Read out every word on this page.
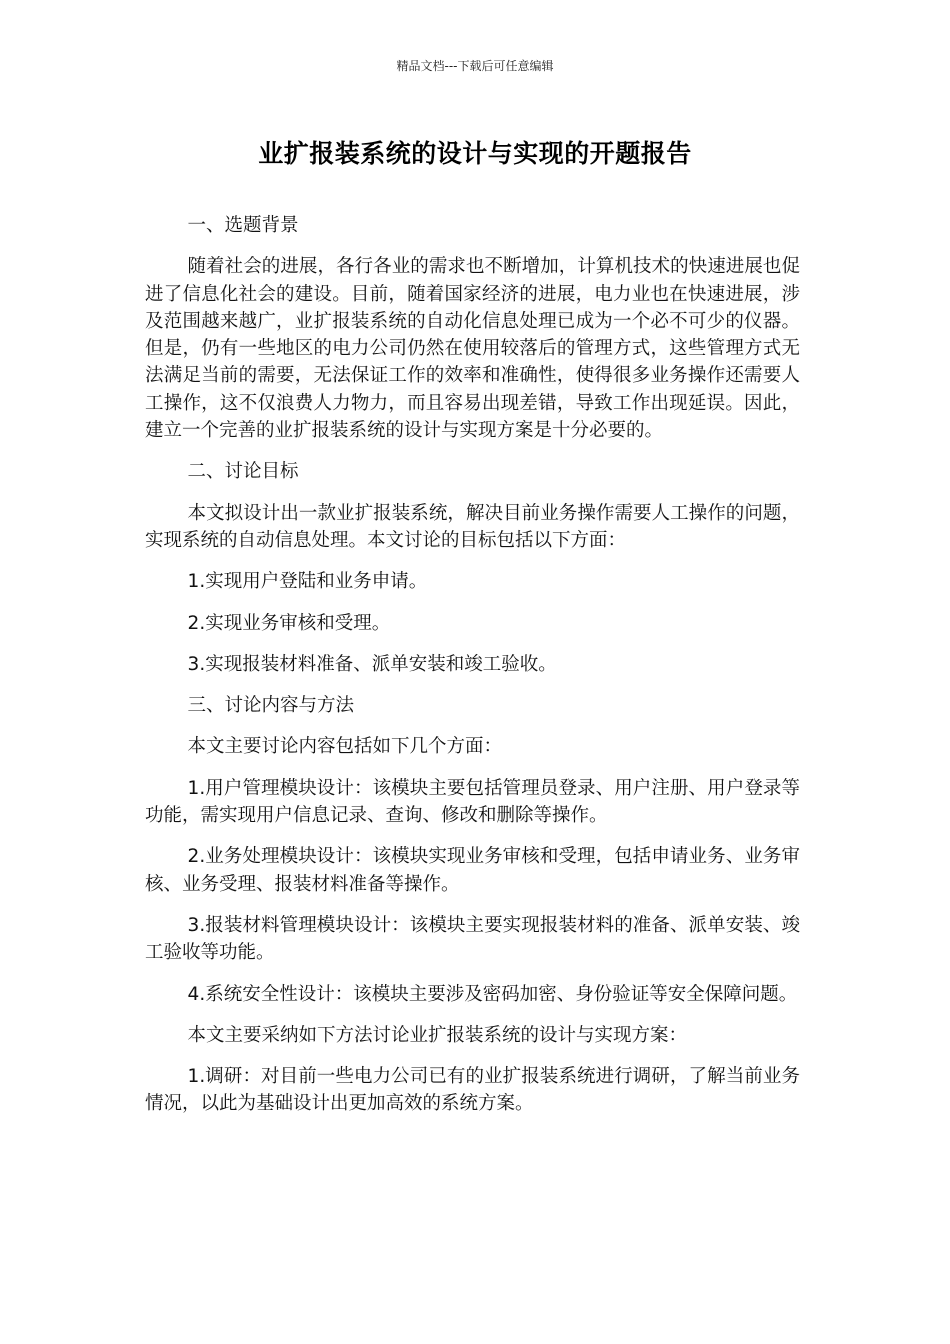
精品文档---下载后可任意编辑
业扩报装系统的设计与实现的开题报告

一、选题背景

随着社会的进展，各行各业的需求也不断增加，计算机技术的快速进展也促进了信息化社会的建设。目前，随着国家经济的进展，电力业也在快速进展，涉及范围越来越广，业扩报装系统的自动化信息处理已成为一个必不可少的仪器。但是，仍有一些地区的电力公司仍然在使用较落后的管理方式，这些管理方式无法满足当前的需要，无法保证工作的效率和准确性，使得很多业务操作还需要人工操作，这不仅浪费人力物力，而且容易出现差错，导致工作出现延误。因此，建立一个完善的业扩报装系统的设计与实现方案是十分必要的。

二、讨论目标

本文拟设计出一款业扩报装系统，解决目前业务操作需要人工操作的问题，实现系统的自动信息处理。本文讨论的目标包括以下方面：

1.实现用户登陆和业务申请。

2.实现业务审核和受理。

3.实现报装材料准备、派单安装和竣工验收。

三、讨论内容与方法

本文主要讨论内容包括如下几个方面：

1.用户管理模块设计：该模块主要包括管理员登录、用户注册、用户登录等功能，需实现用户信息记录、查询、修改和删除等操作。

2.业务处理模块设计：该模块实现业务审核和受理，包括申请业务、业务审核、业务受理、报装材料准备等操作。

3.报装材料管理模块设计：该模块主要实现报装材料的准备、派单安装、竣工验收等功能。

4.系统安全性设计：该模块主要涉及密码加密、身份验证等安全保障问题。

本文主要采纳如下方法讨论业扩报装系统的设计与实现方案：

1.调研：对目前一些电力公司已有的业扩报装系统进行调研，了解当前业务情况，以此为基础设计出更加高效的系统方案。
